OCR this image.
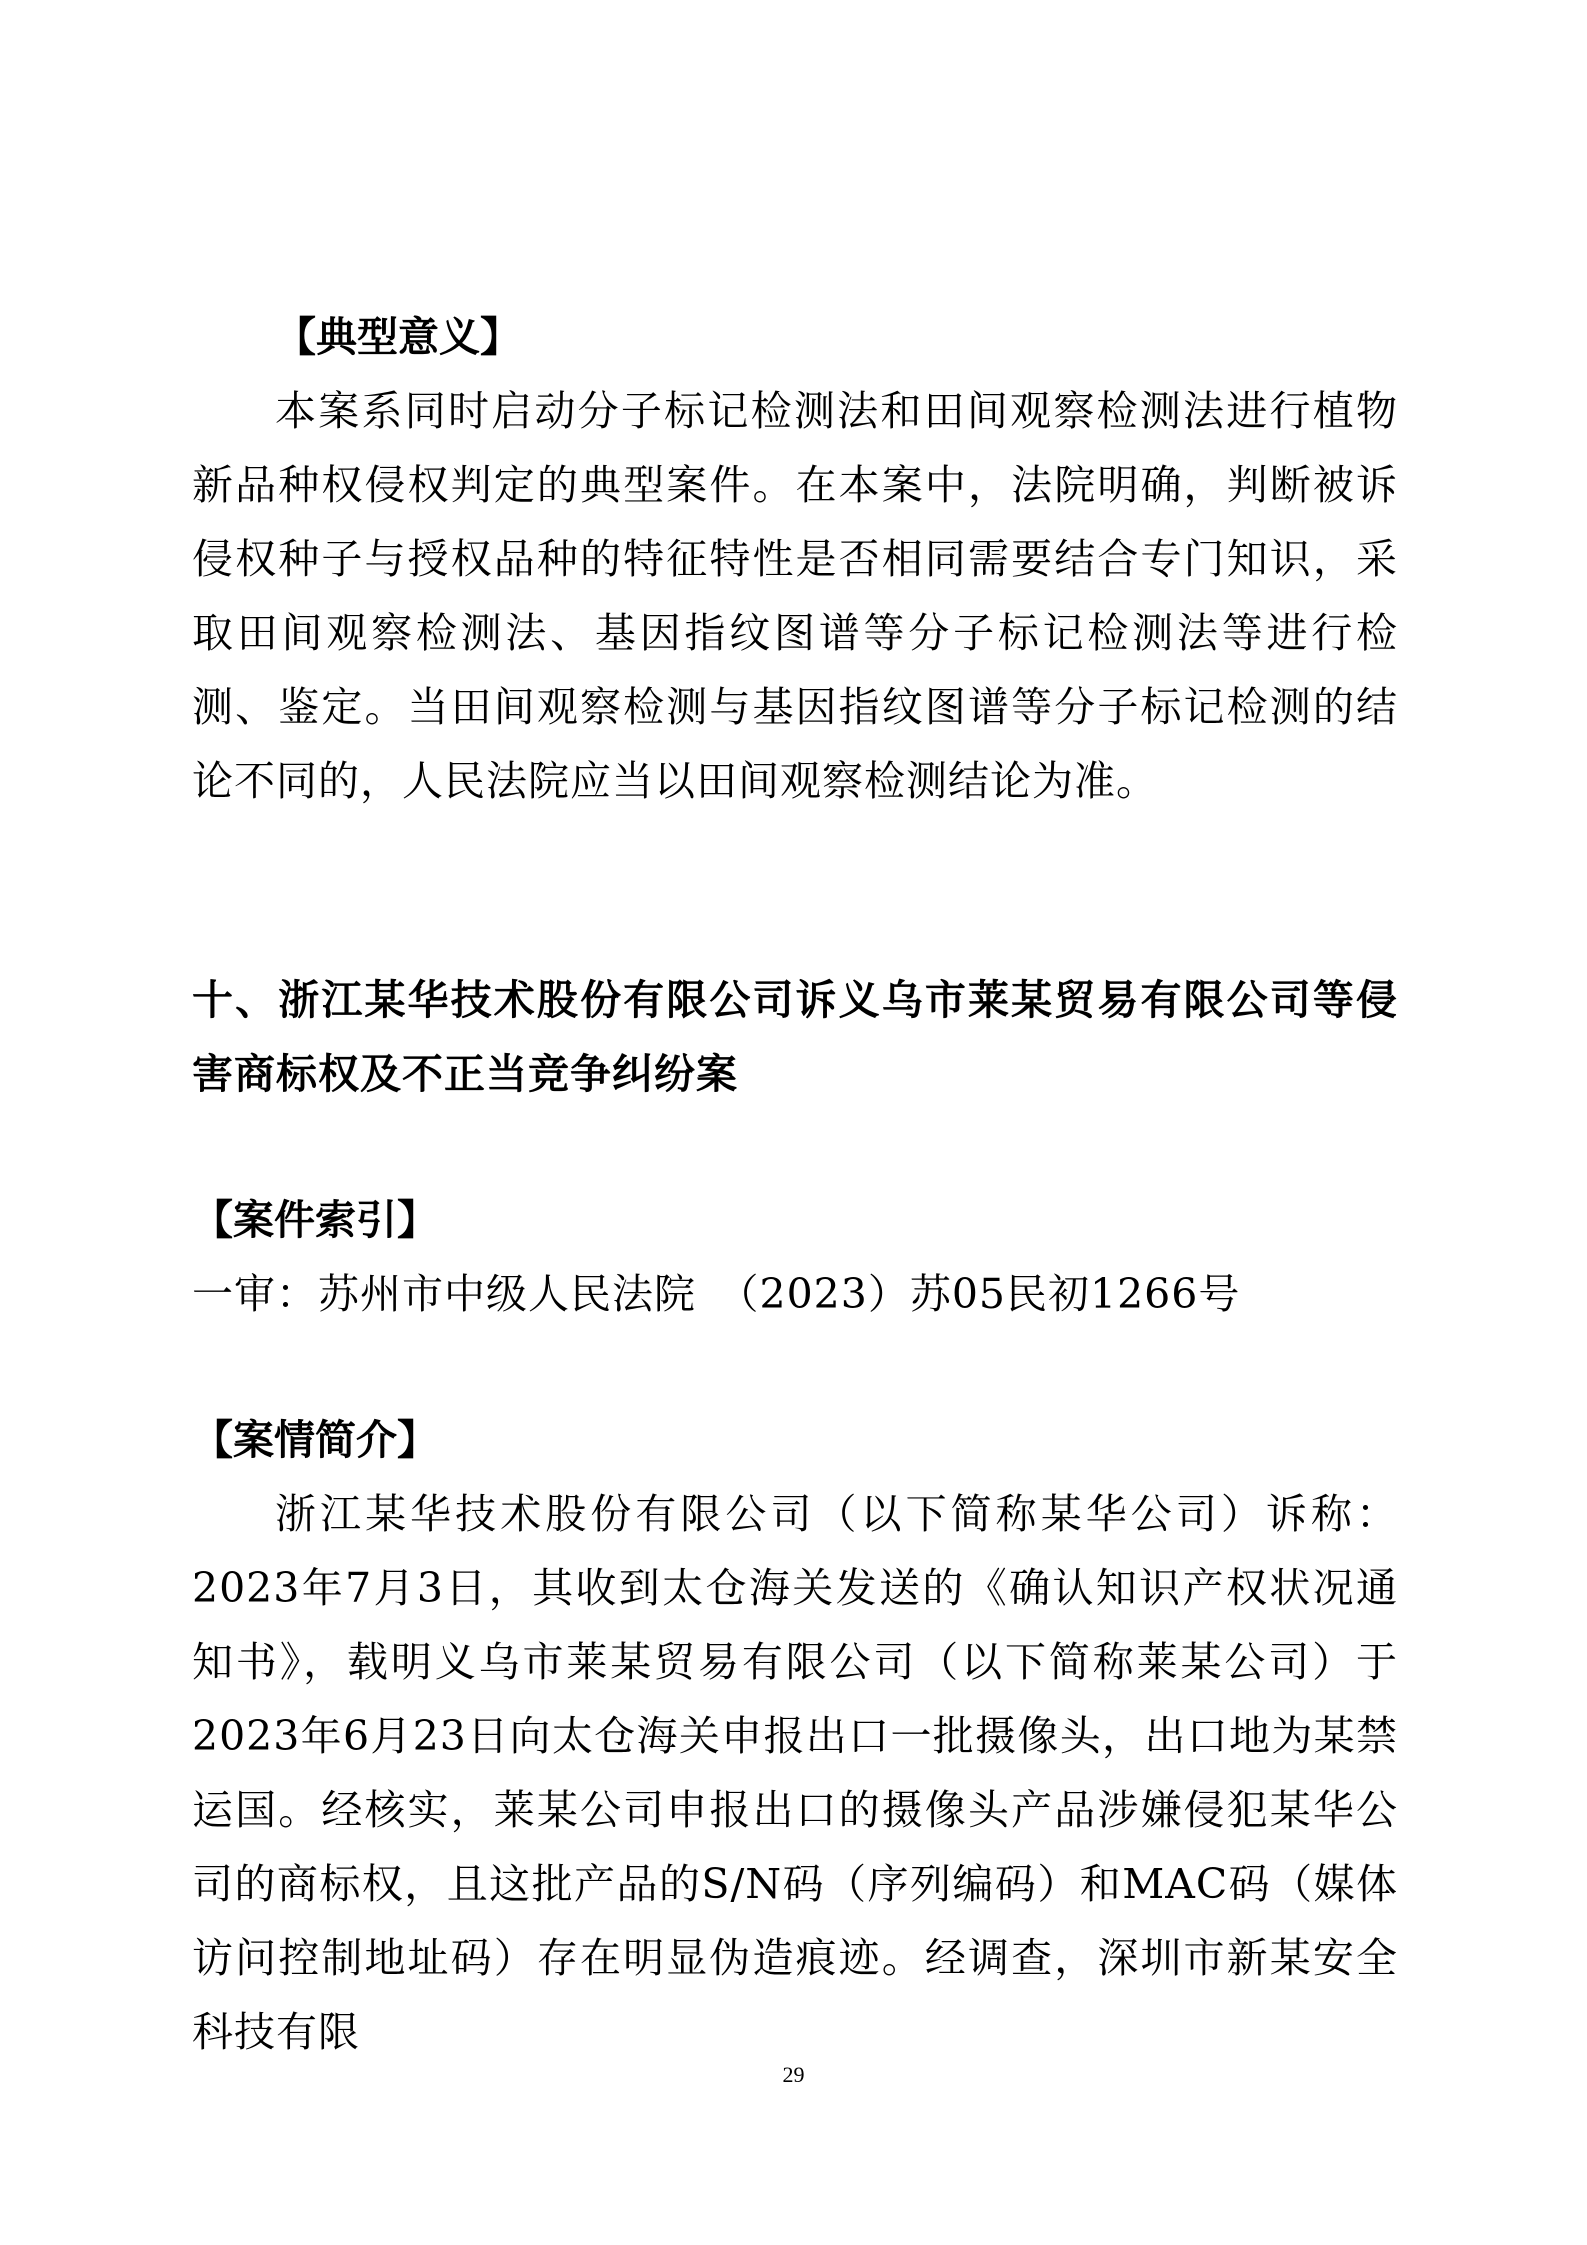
【典型意义】

本案系同时启动分子标记检测法和田间观察检测法进行植物新品种权侵权判定的典型案件。在本案中，法院明确，判断被诉侵权种子与授权品种的特征特性是否相同需要结合专门知识，采取田间观察检测法、基因指纹图谱等分子标记检测法等进行检测、鉴定。当田间观察检测与基因指纹图谱等分子标记检测的结论不同的，人民法院应当以田间观察检测结论为准。

十、浙江某华技术股份有限公司诉义乌市莱某贸易有限公司等侵害商标权及不正当竞争纠纷案
【案件索引】

一审：苏州市中级人民法院　（2023）苏05民初1266号

【案情简介】

浙江某华技术股份有限公司（以下简称某华公司）诉称：2023年7月3日，其收到太仓海关发送的《确认知识产权状况通知书》，载明义乌市莱某贸易有限公司（以下简称莱某公司）于2023年6月23日向太仓海关申报出口一批摄像头，出口地为某禁运国。经核实，莱某公司申报出口的摄像头产品涉嫌侵犯某华公司的商标权，且这批产品的S/N码（序列编码）和MAC码（媒体访问控制地址码）存在明显伪造痕迹。经调查，深圳市新某安全科技有限

29
